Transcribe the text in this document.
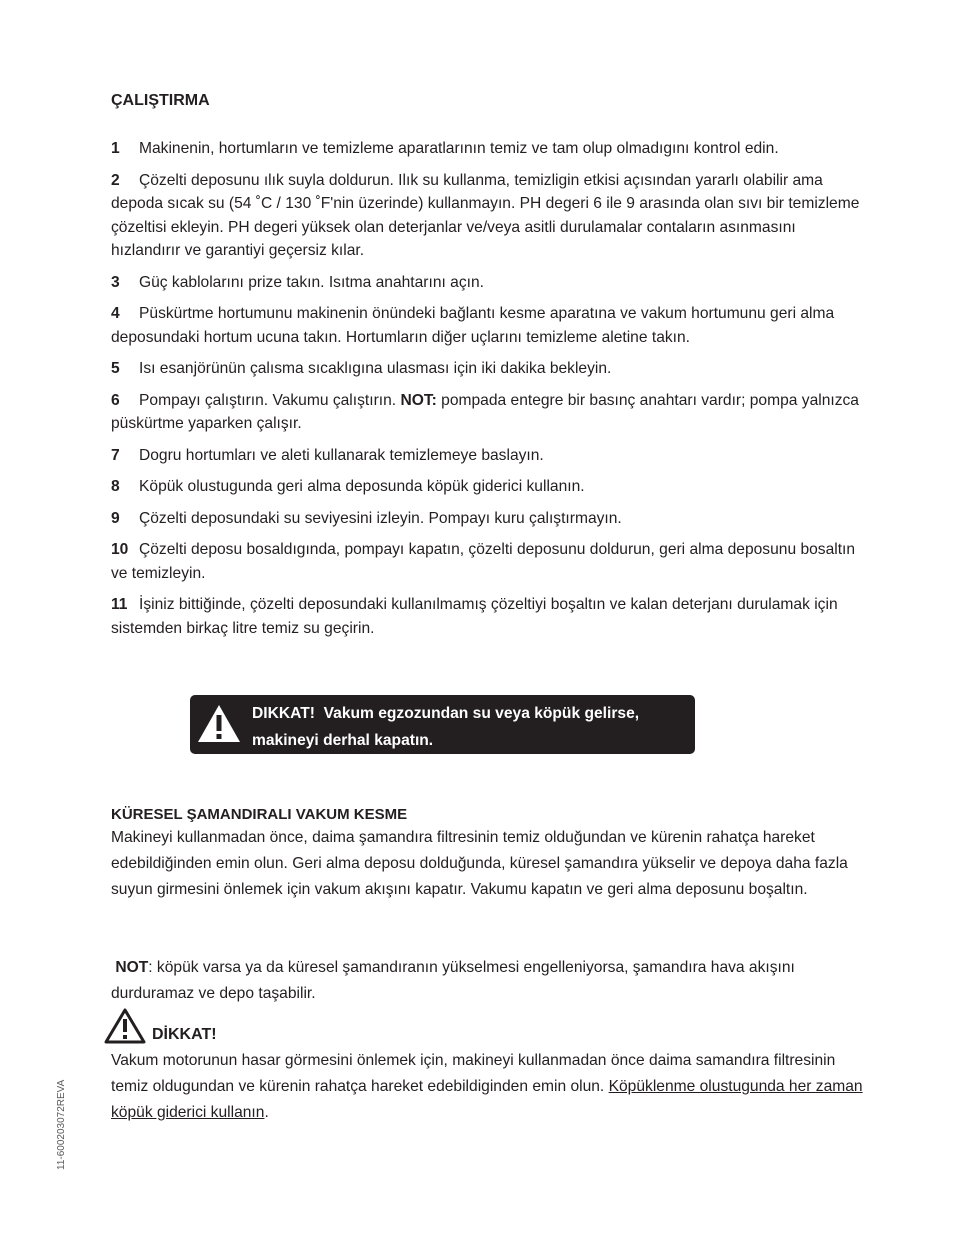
ÇALIŞTIRMA
1 Makinenin, hortumların ve temizleme aparatlarının temiz ve tam olup olmadıgını kontrol edin.
2 Çözelti deposunu ılık suyla doldurun. Ilık su kullanma, temizligin etkisi açısından yararlı olabilir ama depoda sıcak su (54 ˚C / 130 ˚F'nin üzerinde) kullanmayın. PH degeri 6 ile 9 arasında olan sıvı bir temizleme çözeltisi ekleyin. PH degeri yüksek olan deterjanlar ve/veya asitli durulamalar contaların asınmasını hızlandırır ve garantiyi geçersiz kılar.
3 Güç kablolarını prize takın. Isıtma anahtarını açın.
4 Püskürtme hortumunu makinenin önündeki bağlantı kesme aparatına ve vakum hortumunu geri alma deposundaki hortum ucuna takın. Hortumların diğer uçlarını temizleme aletine takın.
5 Isı esanjörünün çalısma sıcaklıgına ulasması için iki dakika bekleyin.
6 Pompayı çalıştırın. Vakumu çalıştırın. NOT: pompada entegre bir basınç anahtarı vardır; pompa yalnızca püskürtme yaparken çalışır.
7 Dogru hortumları ve aleti kullanarak temizlemeye baslayın.
8 Köpük olustugunda geri alma deposunda köpük giderici kullanın.
9 Çözelti deposundaki su seviyesini izleyin. Pompayı kuru çalıştırmayın.
10 Çözelti deposu bosaldıgında, pompayı kapatın, çözelti deposunu doldurun, geri alma deposunu bosaltın ve temizleyin.
11 İşiniz bittiğinde, çözelti deposundaki kullanılmamış çözeltiyi boşaltın ve kalan deterjanı durulamak için sistemden birkaç litre temiz su geçirin.
DIKKAT! Vakum egzozundan su veya köpük gelirse, makineyi derhal kapatın.
KÜRESEL ŞAMANDIRALI VAKUM KESME
Makineyi kullanmadan önce, daima şamandıra filtresinin temiz olduğundan ve kürenin rahatça hareket edebildiğinden emin olun. Geri alma deposu dolduğunda, küresel şamandıra yükselir ve depoya daha fazla suyun girmesini önlemek için vakum akışını kapatır. Vakumu kapatın ve geri alma deposunu boşaltın.
NOT: köpük varsa ya da küresel şamandıranın yükselmesi engelleniyorsa, şamandıra hava akışını durduramaz ve depo taşabilir.
DİKKAT!
Vakum motorunun hasar görmesini önlemek için, makineyi kullanmadan önce daima samandıra filtresinin temiz oldugundan ve kürenin rahatça hareket edebildiginden emin olun. Köpüklenme olustugunda her zaman köpük giderici kullanın.
11-600203072REVA
